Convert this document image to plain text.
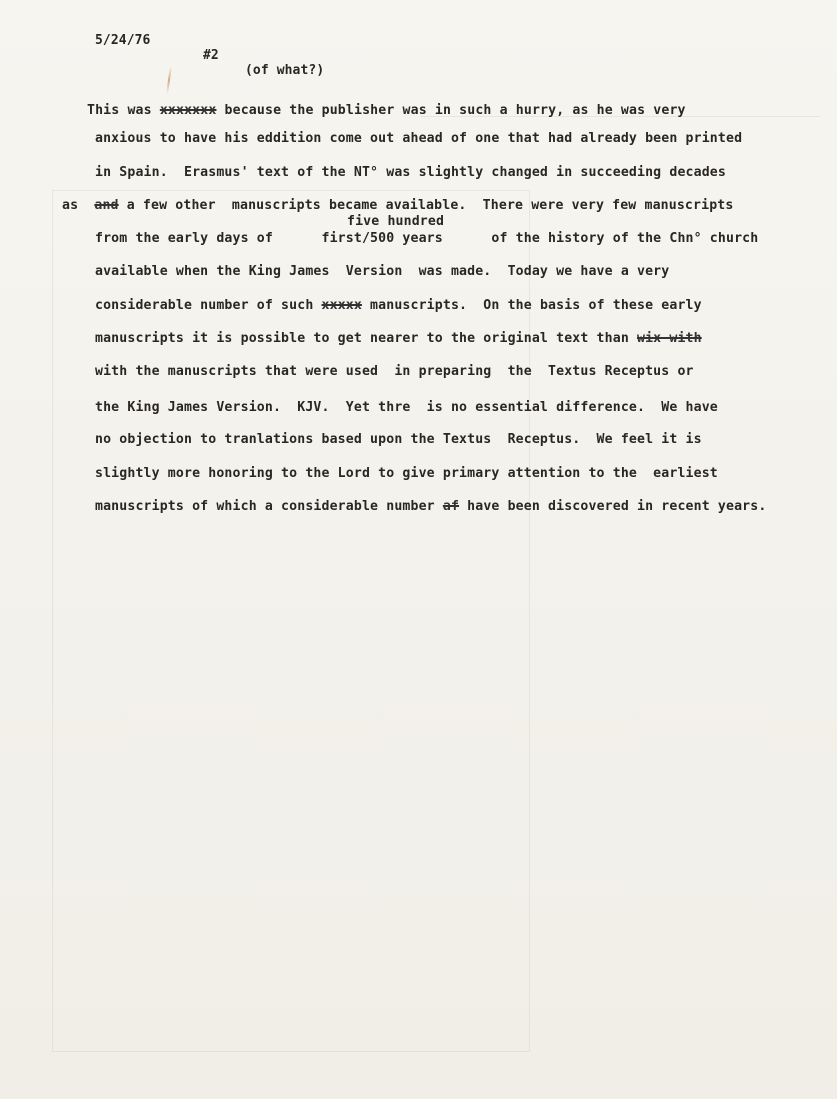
5/24/76

#2

(of what?)

This was xxxxxxx because the publisher was in such a hurry, as he was very
anxious to have his eddition come out ahead of one that had already been printed
in Spain.  Erasmus' text of the NT° was slightly changed in succeeding decades
as and a few other  manuscripts became available.  There were very few manuscripts
five hundred
from the early days of      first/500 years      of the history of the Chn° church
available when the King James  Version  was made.  Today we have a very
considerable number of such xxxxx manuscripts.  On the basis of these early
manuscripts it is possible to get nearer to the original text than wix with
with the manuscripts that were used  in preparing  the  Textus Receptus or
the King James Version.  KJV.  Yet thre  is no essential difference.  We have
no objection to tranlations based upon the Textus  Receptus.  We feel it is
slightly more honoring to the Lord to give primary attention to the  earliest
manuscripts of which a considerable number af have been discovered in recent years.
